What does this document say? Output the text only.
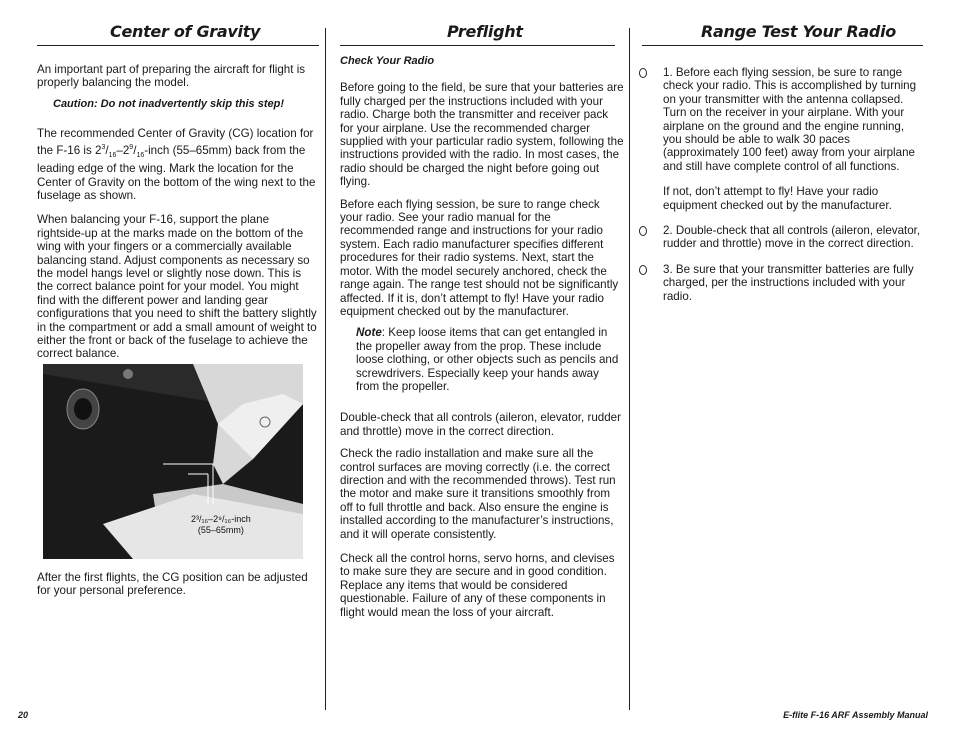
Center of Gravity

An important part of preparing the aircraft for flight is properly balancing the model.

Caution: Do not inadvertently skip this step!

The recommended Center of Gravity (CG) location for the F-16 is $2^3/_{16}-2^9/_{16}$-inch (55–65mm) back from the leading edge of the wing. Mark the location for the Center of Gravity on the bottom of the wing next to the fuselage as shown.

When balancing your F-16, support the plane rightside-up at the marks made on the bottom of the wing with your fingers or a commercially available balancing stand. Adjust components as necessary so the model hangs level or slightly nose down. This is the correct balance point for your model. You might find with the different power and landing gear configurations that you need to shift the battery slightly in the compartment or add a small amount of weight to either the front or back of the fuselage to achieve the correct balance.

2³/₁₆–2⁹/₁₆-inch
(55–65mm)

After the first flights, the CG position can be adjusted for your personal preference.

Preflight

Check Your Radio

Before going to the field, be sure that your batteries are fully charged per the instructions included with your radio. Charge both the transmitter and receiver pack for your airplane. Use the recommended charger supplied with your particular radio system, following the instructions provided with the radio. In most cases, the radio should be charged the night before going out flying.

Before each flying session, be sure to range check your radio. See your radio manual for the recommended range and instructions for your radio system. Each radio manufacturer specifies different procedures for their radio systems. Next, start the motor. With the model securely anchored, check the range again. The range test should not be significantly affected. If it is, don’t attempt to fly! Have your radio equipment checked out by the manufacturer.

Note: Keep loose items that can get entangled in the propeller away from the prop. These include loose clothing, or other objects such as pencils and screwdrivers. Especially keep your hands away from the propeller.

Double-check that all controls (aileron, elevator, rudder and throttle) move in the correct direction.

Check the radio installation and make sure all the control surfaces are moving correctly (i.e. the correct direction and with the recommended throws). Test run the motor and make sure it transitions smoothly from off to full throttle and back. Also ensure the engine is installed according to the manufacturer’s instructions, and it will operate consistently.

Check all the control horns, servo horns, and clevises to make sure they are secure and in good condition. Replace any items that would be considered questionable. Failure of any of these components in flight would mean the loss of your aircraft.

Range Test Your Radio

1. Before each flying session, be sure to range check your radio. This is accomplished by turning on your transmitter with the antenna collapsed. Turn on the receiver in your airplane. With your airplane on the ground and the engine running, you should be able to walk 30 paces (approximately 100 feet) away from your airplane and still have complete control of all functions.

If not, don’t attempt to fly! Have your radio equipment checked out by the manufacturer.

2. Double-check that all controls (aileron, elevator, rudder and throttle) move in the correct direction.

3. Be sure that your transmitter batteries are fully charged, per the instructions included with your radio.

20	E-flite F-16 ARF Assembly Manual
